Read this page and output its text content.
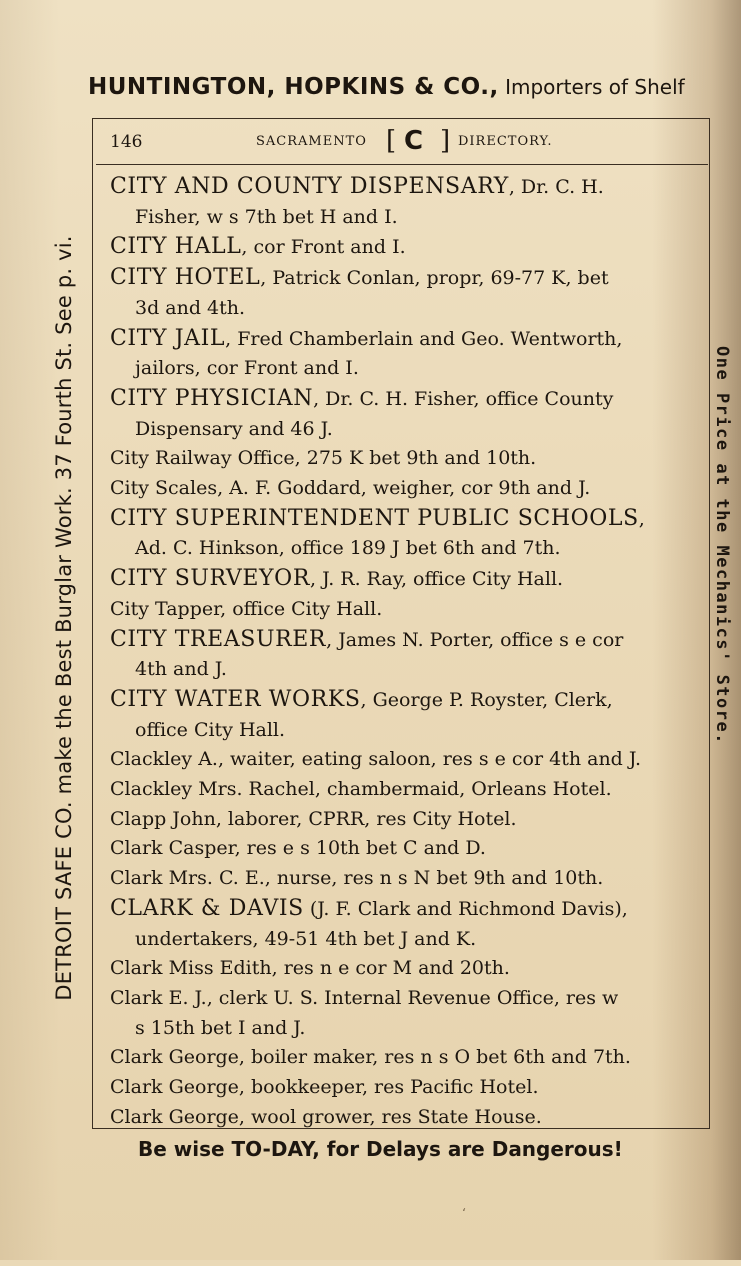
HUNTINGTON, HOPKINS & CO., Importers of Shelf
DETROIT SAFE CO. make the Best Burglar Work. 37 Fourth St. See p. vi.	One Price at the Mechanics' Store.
146	SACRAMENTO [ C ] DIRECTORY.
CITY AND COUNTY DISPENSARY, Dr. C. H.
Fisher, w s 7th bet H and I.
CITY HALL, cor Front and I.
CITY HOTEL, Patrick Conlan, propr, 69-77 K, bet
3d and 4th.
CITY JAIL, Fred Chamberlain and Geo. Wentworth,
jailors, cor Front and I.
CITY PHYSICIAN, Dr. C. H. Fisher, office County
Dispensary and 46 J.
City Railway Office, 275 K bet 9th and 10th.
City Scales, A. F. Goddard, weigher, cor 9th and J.
CITY SUPERINTENDENT PUBLIC SCHOOLS,
Ad. C. Hinkson, office 189 J bet 6th and 7th.
CITY SURVEYOR, J. R. Ray, office City Hall.
City Tapper, office City Hall.
CITY TREASURER, James N. Porter, office s e cor
4th and J.
CITY WATER WORKS, George P. Royster, Clerk,
office City Hall.
Clackley A., waiter, eating saloon, res s e cor 4th and J.
Clackley Mrs. Rachel, chambermaid, Orleans Hotel.
Clapp John, laborer, CPRR, res City Hotel.
Clark Casper, res e s 10th bet C and D.
Clark Mrs. C. E., nurse, res n s N bet 9th and 10th.
CLARK & DAVIS (J. F. Clark and Richmond Davis),
undertakers, 49-51 4th bet J and K.
Clark Miss Edith, res n e cor M and 20th.
Clark E. J., clerk U. S. Internal Revenue Office, res w
s 15th bet I and J.
Clark George, boiler maker, res n s O bet 6th and 7th.
Clark George, bookkeeper, res Pacific Hotel.
Clark George, wool grower, res State House.
Be wise TO-DAY, for Delays are Dangerous!
ʻ
